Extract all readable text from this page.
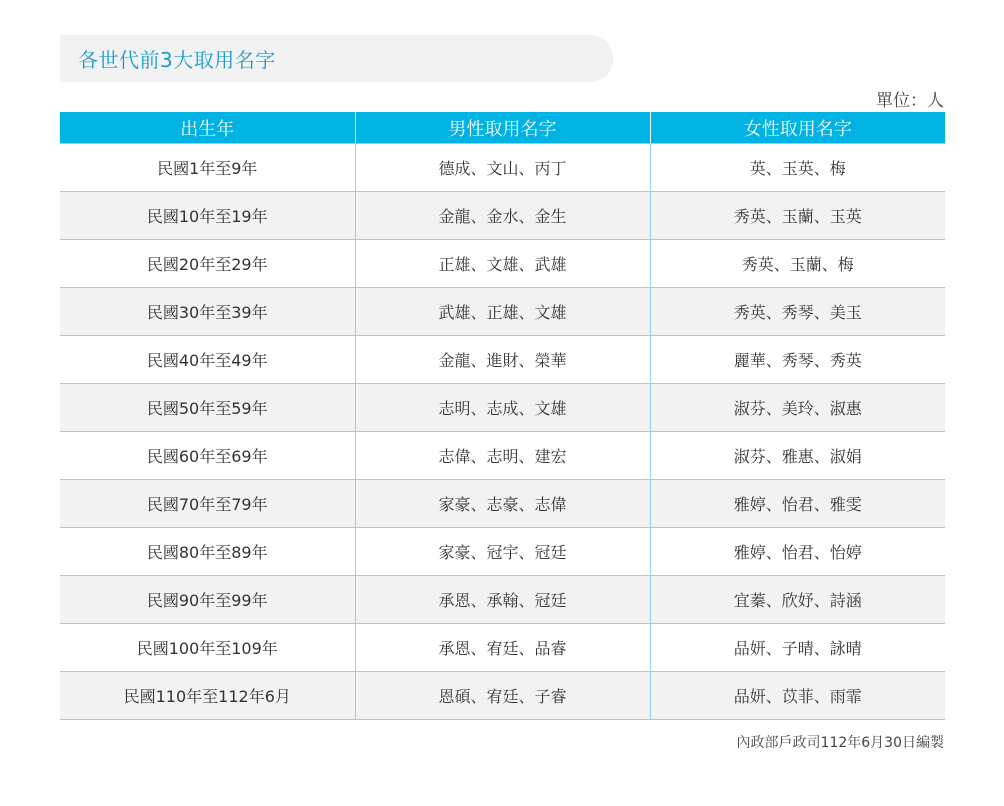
各世代前3大取用名字
單位：人
出生年	男性取用名字	女性取用名字
民國1年至9年	德成、文山、丙丁	英、玉英、梅
民國10年至19年	金龍、金水、金生	秀英、玉蘭、玉英
民國20年至29年	正雄、文雄、武雄	秀英、玉蘭、梅
民國30年至39年	武雄、正雄、文雄	秀英、秀琴、美玉
民國40年至49年	金龍、進財、榮華	麗華、秀琴、秀英
民國50年至59年	志明、志成、文雄	淑芬、美玲、淑惠
民國60年至69年	志偉、志明、建宏	淑芬、雅惠、淑娟
民國70年至79年	家豪、志豪、志偉	雅婷、怡君、雅雯
民國80年至89年	家豪、冠宇、冠廷	雅婷、怡君、怡婷
民國90年至99年	承恩、承翰、冠廷	宜蓁、欣妤、詩涵
民國100年至109年	承恩、宥廷、品睿	品妍、子晴、詠晴
民國110年至112年6月	恩碩、宥廷、子睿	品妍、苡菲、雨霏
內政部戶政司112年6月30日編製
